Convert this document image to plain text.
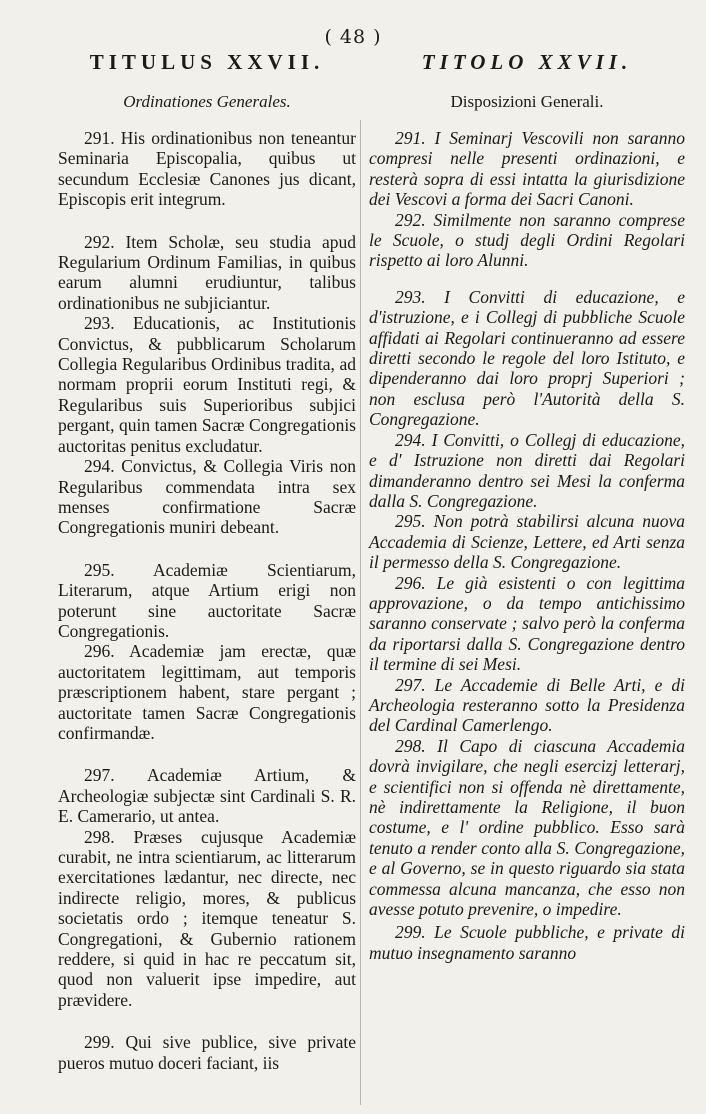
( 48 )
TITULUS XXVII.
Ordinationes Generales.

291. His ordinationibus non teneantur Seminaria Episcopalia, quibus ut secundum Ecclesiæ Canones jus dicant, Episcopis erit integrum.

292. Item Scholæ, seu studia apud Regularium Ordinum Familias, in quibus earum alumni erudiuntur, talibus ordinationibus ne subjiciantur.

293. Educationis, ac Institutionis Convictus, & pubblicarum Scholarum Collegia Regularibus Ordinibus tradita, ad normam proprii eorum Instituti regi, & Regularibus suis Superioribus subjici pergant, quin tamen Sacræ Congregationis auctoritas penitus excludatur.

294. Convictus, & Collegia Viris non Regularibus commendata intra sex menses confirmatione Sacræ Congregationis muniri debeant.

295. Academiæ Scientiarum, Literarum, atque Artium erigi non poterunt sine auctoritate Sacræ Congregationis.

296. Academiæ jam erectæ, quæ auctoritatem legittimam, aut temporis præscriptionem habent, stare pergant ; auctoritate tamen Sacræ Congregationis confirmandæ.

297. Academiæ Artium, & Archeologiæ subjectæ sint Cardinali S. R. E. Camerario, ut antea.

298. Præses cujusque Academiæ curabit, ne intra scientiarum, ac litterarum exercitationes lædantur, nec directe, nec indirecte religio, mores, & publicus societatis ordo ; itemque teneatur S. Congregationi, & Gubernio rationem reddere, si quid in hac re peccatum sit, quod non valuerit ipse impedire, aut prævidere.

299. Qui sive publice, sive private pueros mutuo doceri faciant, iis

TITOLO XXVII.
Disposizioni Generali.

291. I Seminarj Vescovili non saranno compresi nelle presenti ordinazioni, e resterà sopra di essi intatta la giurisdizione dei Vescovi a forma dei Sacri Canoni.

292. Similmente non saranno comprese le Scuole, o studj degli Ordini Regolari rispetto ai loro Alunni.

293. I Convitti di educazione, e d'istruzione, e i Collegj di pubbliche Scuole affidati ai Regolari continueranno ad essere diretti secondo le regole del loro Istituto, e dipenderanno dai loro proprj Superiori ; non esclusa però l'Autorità della S. Congregazione.

294. I Convitti, o Collegj di educazione, e d' Istruzione non diretti dai Regolari dimanderanno dentro sei Mesi la conferma dalla S. Congregazione.

295. Non potrà stabilirsi alcuna nuova Accademia di Scienze, Lettere, ed Arti senza il permesso della S. Congregazione.

296. Le già esistenti o con legittima approvazione, o da tempo antichissimo saranno conservate ; salvo però la conferma da riportarsi dalla S. Congregazione dentro il termine di sei Mesi.

297. Le Accademie di Belle Arti, e di Archeologia resteranno sotto la Presidenza del Cardinal Camerlengo.

298. Il Capo di ciascuna Accademia dovrà invigilare, che negli esercizj letterarj, e scientifici non si offenda nè direttamente, nè indirettamente la Religione, il buon costume, e l' ordine pubblico. Esso sarà tenuto a render conto alla S. Congregazione, e al Governo, se in questo riguardo sia stata commessa alcuna mancanza, che esso non avesse potuto prevenire, o impedire.

299. Le Scuole pubbliche, e private di mutuo insegnamento saranno
